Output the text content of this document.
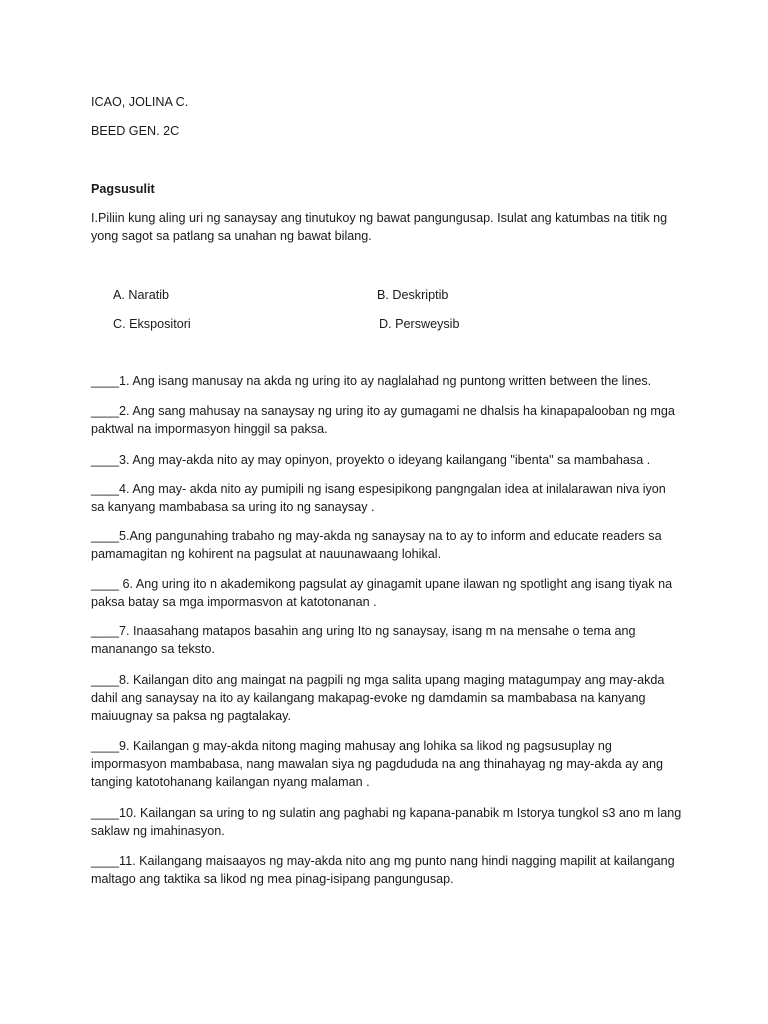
ICAO, JOLINA C.

BEED GEN. 2C

Pagsusulit

I.Piliin kung aling uri ng sanaysay ang tinutukoy ng bawat pangungusap. Isulat ang katumbas na titik ng yong sagot sa patlang sa unahan ng bawat bilang.

A. Naratib	B. Deskriptib

C. Ekspositori	D. Persweysib

____1. Ang isang manusay na akda ng uring ito ay naglalahad ng puntong written between the lines.

____2. Ang sang mahusay na sanaysay ng uring ito ay gumagami ne dhalsis ha kinapapalooban ng mga paktwal na impormasyon hinggil sa paksa.

____3. Ang may-akda nito ay may opinyon, proyekto o ideyang kailangang "ibenta" sa mambahasa .

____4. Ang may- akda nito ay pumipili ng isang espesipikong pangngalan idea at inilalarawan niva iyon sa kanyang mambabasa sa uring ito ng sanaysay .

____5.Ang pangunahing trabaho ng may-akda ng sanaysay na to ay to inform and educate readers sa pamamagitan ng kohirent na pagsulat at nauunawaang lohikal.

____ 6. Ang uring ito n akademikong pagsulat ay ginagamit upane ilawan ng spotlight ang isang tiyak na paksa batay sa mga impormasvon at katotonanan .

____7. Inaasahang matapos basahin ang uring Ito ng sanaysay, isang m na mensahe o tema ang mananango sa teksto.

____8. Kailangan dito ang maingat na pagpili ng mga salita upang maging matagumpay ang may-akda dahil ang sanaysay na ito ay kailangang makapag-evoke ng damdamin sa mambabasa na kanyang maiuugnay sa paksa ng pagtalakay.

____9. Kailangan g may-akda nitong maging mahusay ang lohika sa likod ng pagsusuplay ng impormasyon mambabasa, nang mawalan siya ng pagdududa na ang thinahayag ng may-akda ay ang tanging katotohanang kailangan nyang malaman .

____10. Kailangan sa uring to ng sulatin ang paghabi ng kapana-panabik m Istorya tungkol s3 ano m lang saklaw ng imahinasyon.

____11. Kailangang maisaayos ng may-akda nito ang mg punto nang hindi nagging mapilit at kailangang maltago ang taktika sa likod ng mea pinag-isipang pangungusap.
